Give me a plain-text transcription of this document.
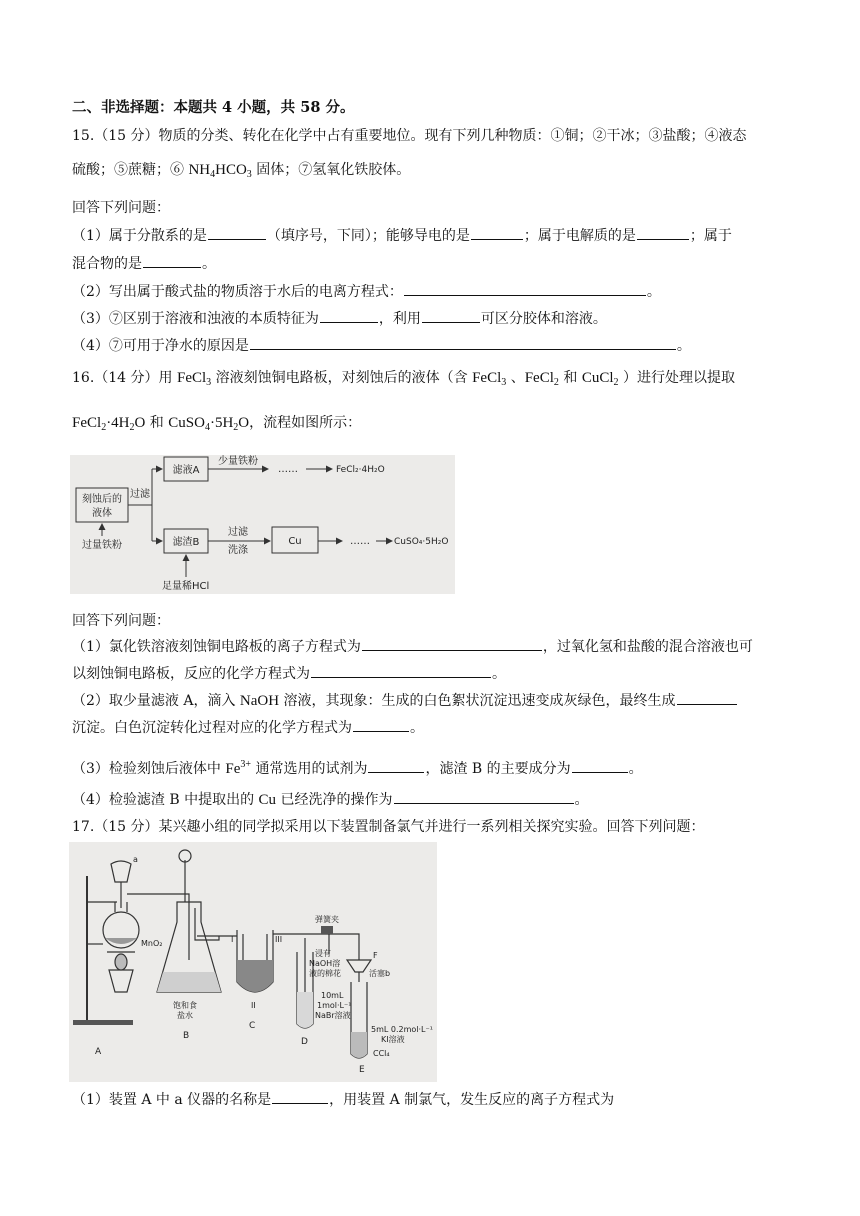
二、非选择题：本题共 4 小题，共 58 分。
15.（15 分）物质的分类、转化在化学中占有重要地位。现有下列几种物质：①铜；②干冰；③盐酸；④液态
硫酸；⑤蔗糖；⑥ $NH_4HCO_3$ 固体；⑦氢氧化铁胶体。
回答下列问题：
（1）属于分散系的是	（填序号，下同）；能够导电的是	；属于电解质的是	；属于
混合物的是	。
（2）写出属于酸式盐的物质溶于水后的电离方程式：	。
（3）⑦区别于溶液和浊液的本质特征为	，利用	可区分胶体和溶液。
（4）⑦可用于净水的原因是	。
16.（14 分）用 FeCl$_3$ 溶液刻蚀铜电路板，对刻蚀后的液体（含 FeCl$_3$ 、FeCl$_2$ 和 CuCl$_2$ ）进行处理以提取
$FeCl_2\cdot 4H_2O$ 和 $CuSO_4\cdot 5H_2O$，流程如图所示：
刻蚀后的
液体
过量铁粉
过滤
滤液A
少量铁粉
……	FeCl₂·4H₂O
滤渣B
过滤
洗涤
Cu	……	CuSO₄·5H₂O
足量稀HCl
回答下列问题：
（1）氯化铁溶液刻蚀铜电路板的离子方程式为	，过氧化氢和盐酸的混合溶液也可
以刻蚀铜电路板，反应的化学方程式为	。
（2）取少量滤液 A，滴入 NaOH 溶液，其现象：生成的白色絮状沉淀迅速变成灰绿色，最终生成
沉淀。白色沉淀转化过程对应的化学方程式为	。
（3）检验刻蚀后液体中 $Fe^{3+}$ 通常选用的试剂为	，滤渣 B 的主要成分为	。
（4）检验滤渣 B 中提取出的 Cu 已经洗净的操作为	。
17.（15 分）某兴趣小组的同学拟采用以下装置制备氯气并进行一系列相关探究实验。回答下列问题：
a
MnO₂
饱和食
盐水
A
B
C
D
E
I
II
III
弹簧夹
浸有
NaOH溶
液的棉花
F
活塞b
10mL
1mol·L⁻¹
NaBr溶液
5mL 0.2mol·L⁻¹
KI溶液
CCl₄
（1）装置 A 中 a 仪器的名称是	，用装置 A 制氯气，发生反应的离子方程式为
